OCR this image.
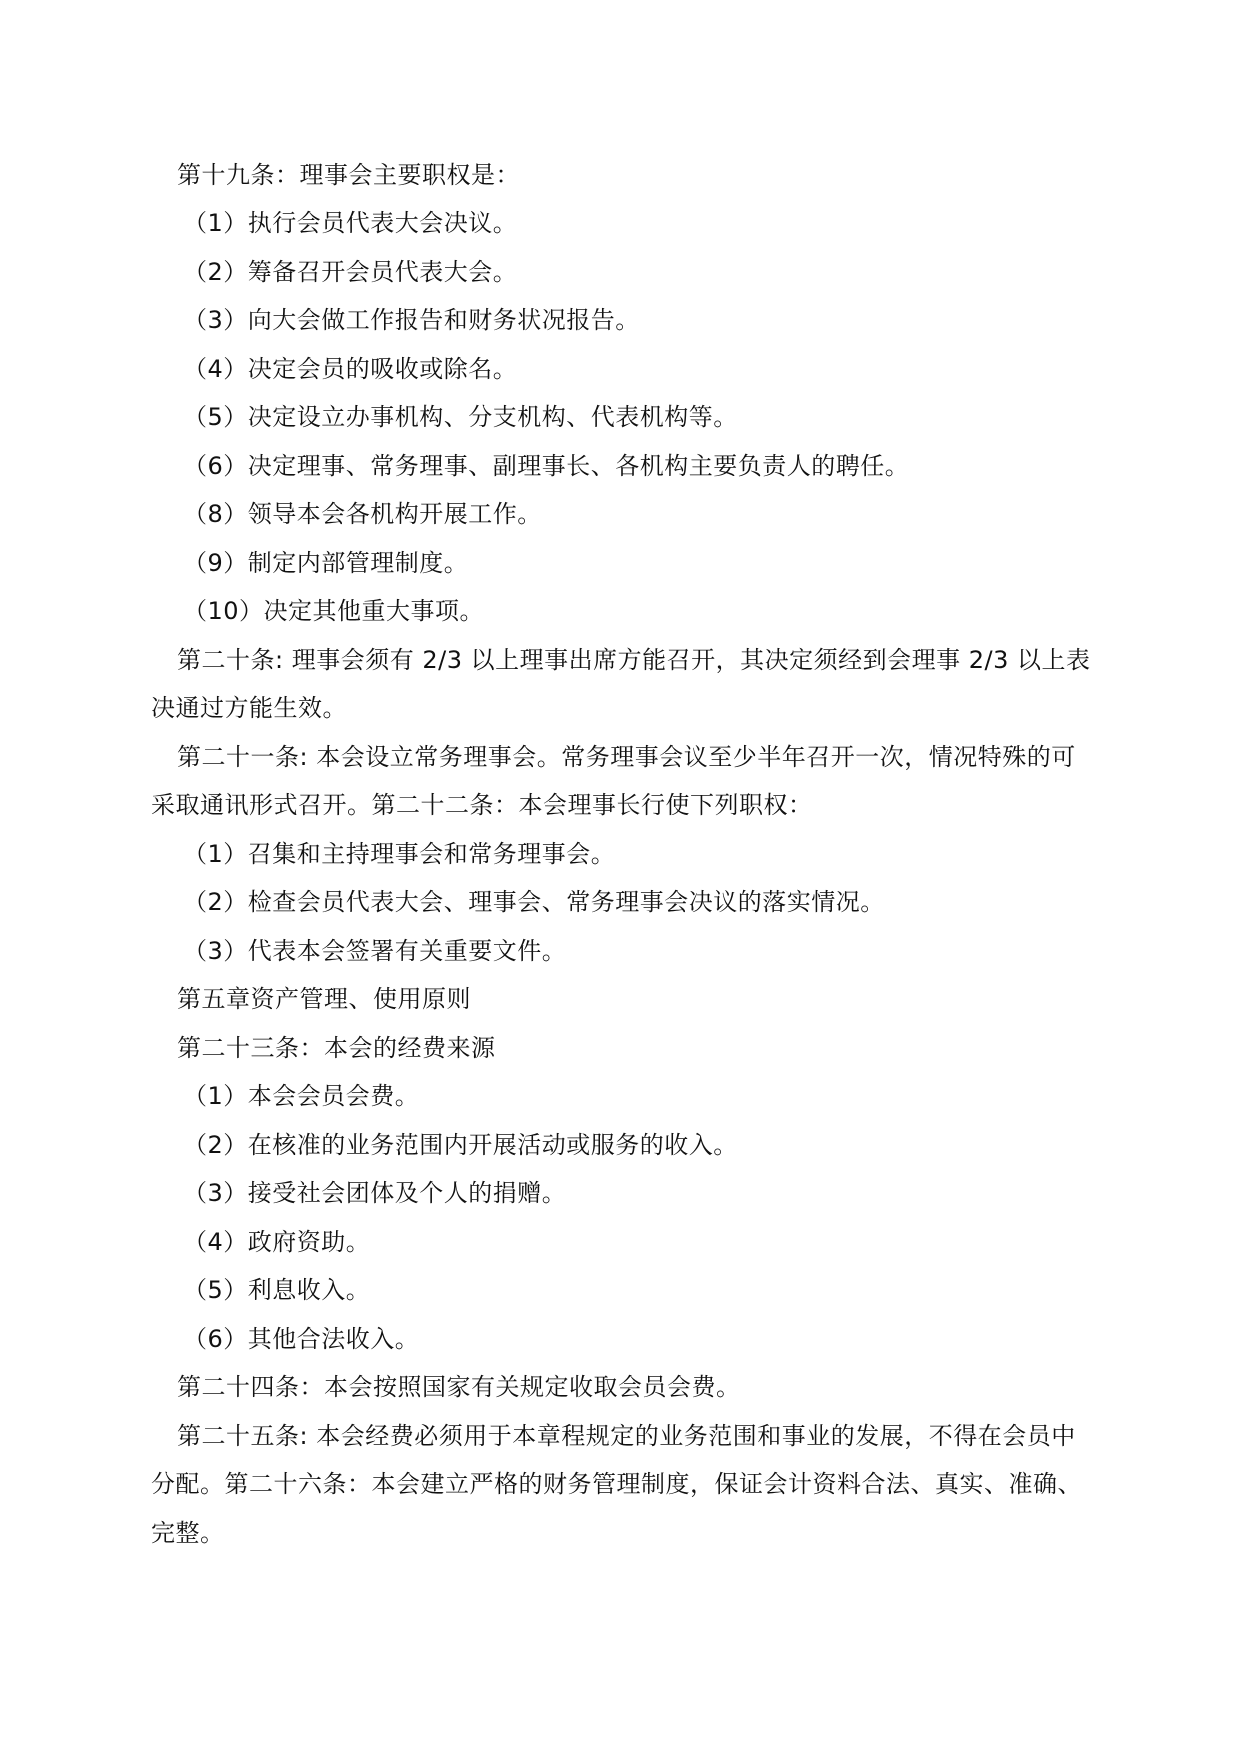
第十九条：理事会主要职权是：
（1）执行会员代表大会决议。
（2）筹备召开会员代表大会。
（3）向大会做工作报告和财务状况报告。
（4）决定会员的吸收或除名。
（5）决定设立办事机构、分支机构、代表机构等。
（6）决定理事、常务理事、副理事长、各机构主要负责人的聘任。
（8）领导本会各机构开展工作。
（9）制定内部管理制度。
（10）决定其他重大事项。
第二十条: 理事会须有 2/3 以上理事出席方能召开，其决定须经到会理事 2/3 以上表
决通过方能生效。
第二十一条: 本会设立常务理事会。常务理事会议至少半年召开一次，情况特殊的可
采取通讯形式召开。第二十二条：本会理事长行使下列职权：
（1）召集和主持理事会和常务理事会。
（2）检查会员代表大会、理事会、常务理事会决议的落实情况。
（3）代表本会签署有关重要文件。
第五章资产管理、使用原则
第二十三条：本会的经费来源
（1）本会会员会费。
（2）在核准的业务范围内开展活动或服务的收入。
（3）接受社会团体及个人的捐赠。
（4）政府资助。
（5）利息收入。
（6）其他合法收入。
第二十四条：本会按照国家有关规定收取会员会费。
第二十五条: 本会经费必须用于本章程规定的业务范围和事业的发展，不得在会员中
分配。第二十六条：本会建立严格的财务管理制度，保证会计资料合法、真实、准确、
完整。
